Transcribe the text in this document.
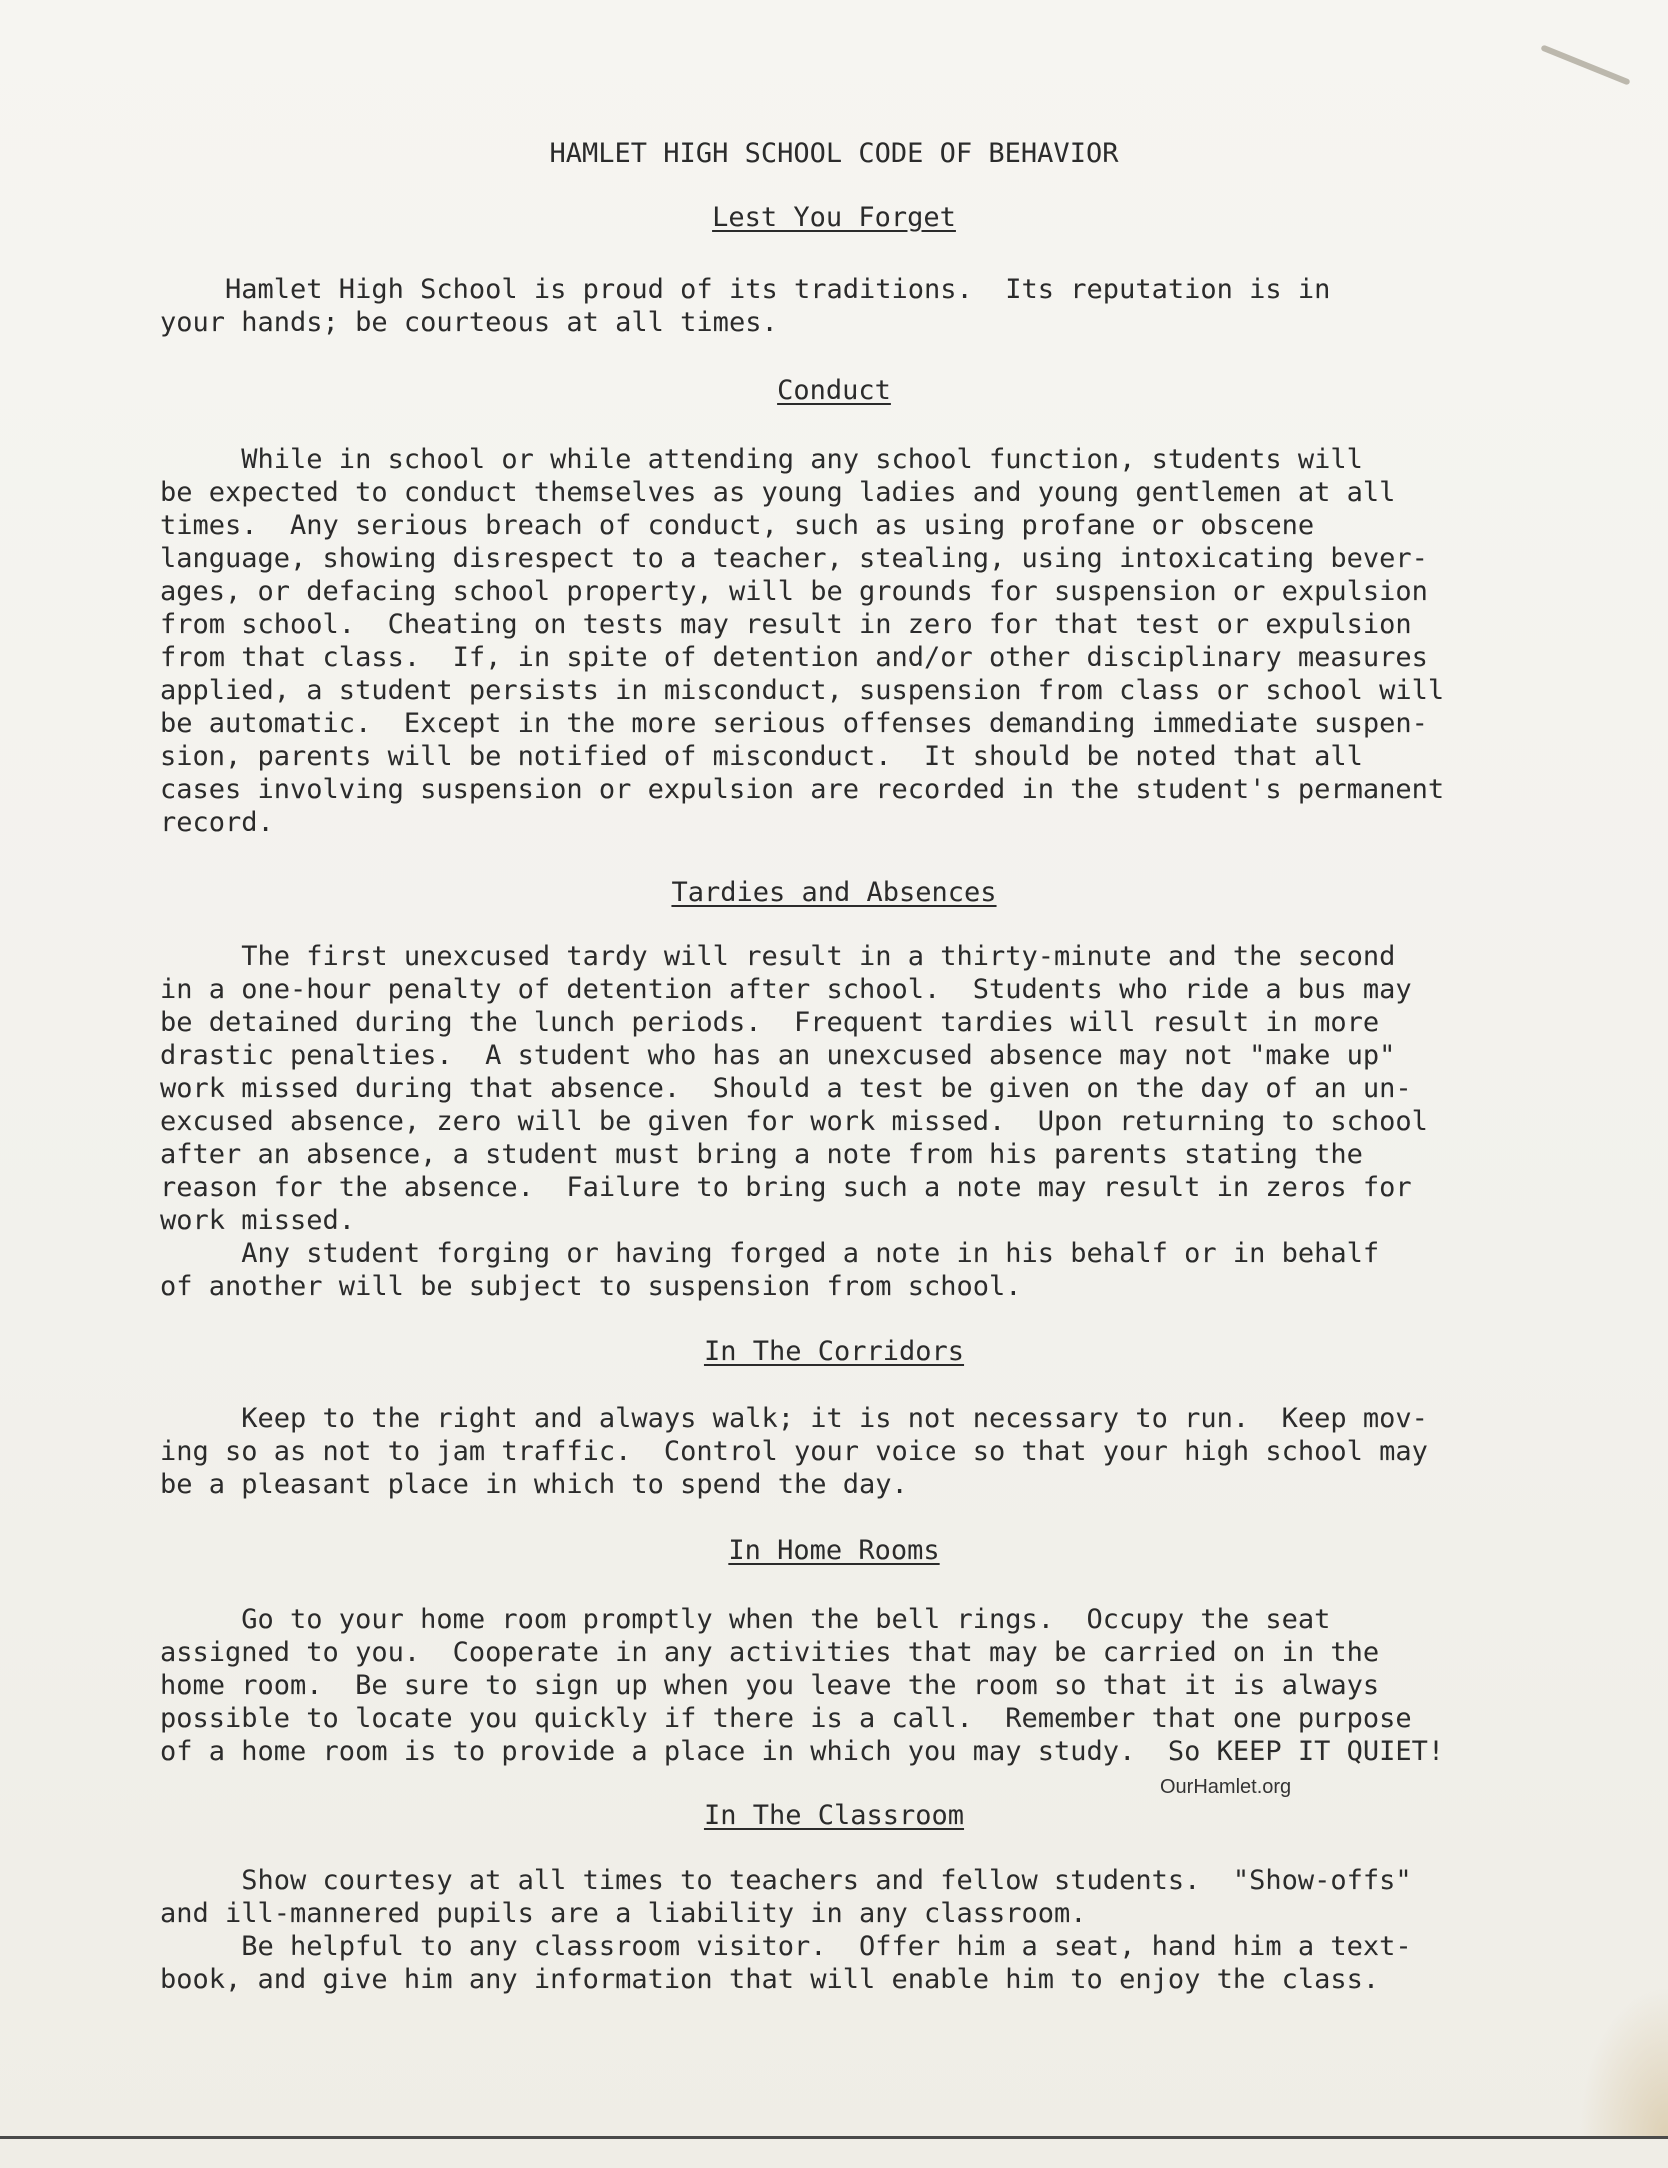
HAMLET HIGH SCHOOL CODE OF BEHAVIOR
Lest You Forget
Hamlet High School is proud of its traditions.  Its reputation is in
your hands; be courteous at all times.
Conduct
While in school or while attending any school function, students will
be expected to conduct themselves as young ladies and young gentlemen at all
times.  Any serious breach of conduct, such as using profane or obscene
language, showing disrespect to a teacher, stealing, using intoxicating bever-
ages, or defacing school property, will be grounds for suspension or expulsion
from school.  Cheating on tests may result in zero for that test or expulsion
from that class.  If, in spite of detention and/or other disciplinary measures
applied, a student persists in misconduct, suspension from class or school will
be automatic.  Except in the more serious offenses demanding immediate suspen-
sion, parents will be notified of misconduct.  It should be noted that all
cases involving suspension or expulsion are recorded in the student's permanent
record.
Tardies and Absences
The first unexcused tardy will result in a thirty-minute and the second
in a one-hour penalty of detention after school.  Students who ride a bus may
be detained during the lunch periods.  Frequent tardies will result in more
drastic penalties.  A student who has an unexcused absence may not "make up"
work missed during that absence.  Should a test be given on the day of an un-
excused absence, zero will be given for work missed.  Upon returning to school
after an absence, a student must bring a note from his parents stating the
reason for the absence.  Failure to bring such a note may result in zeros for
work missed.
Any student forging or having forged a note in his behalf or in behalf
of another will be subject to suspension from school.
In The Corridors
Keep to the right and always walk; it is not necessary to run.  Keep mov-
ing so as not to jam traffic.  Control your voice so that your high school may
be a pleasant place in which to spend the day.
In Home Rooms
Go to your home room promptly when the bell rings.  Occupy the seat
assigned to you.  Cooperate in any activities that may be carried on in the
home room.  Be sure to sign up when you leave the room so that it is always
possible to locate you quickly if there is a call.  Remember that one purpose
of a home room is to provide a place in which you may study.  So KEEP IT QUIET!
OurHamlet.org
In The Classroom
Show courtesy at all times to teachers and fellow students.  "Show-offs"
and ill-mannered pupils are a liability in any classroom.
Be helpful to any classroom visitor.  Offer him a seat, hand him a text-
book, and give him any information that will enable him to enjoy the class.
